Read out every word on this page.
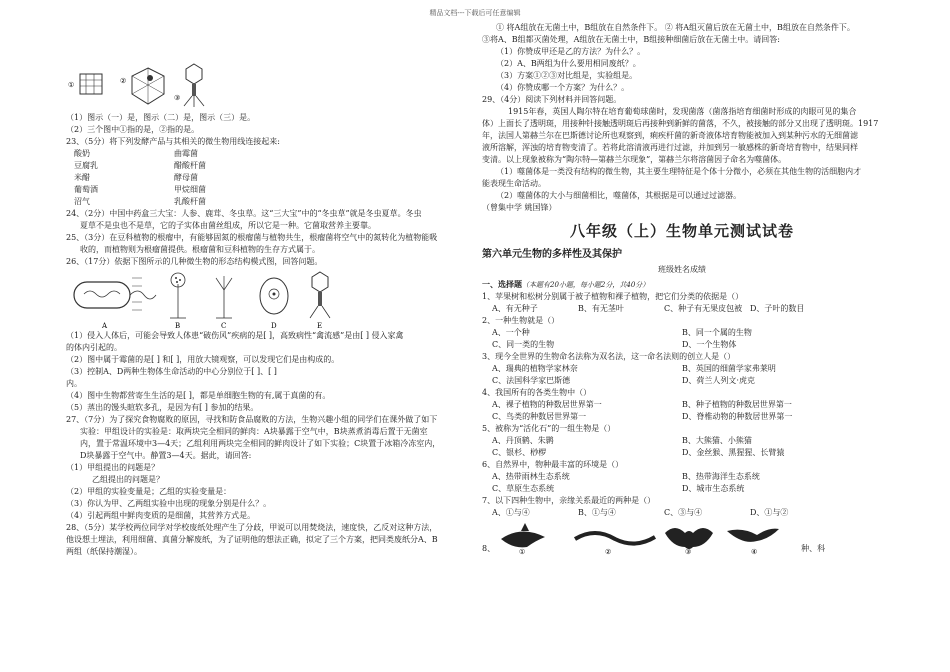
精品文档---下载后可任意编辑
①	②
③
（1）图示（一）是，图示（二）是，图示（三）是。
（2）三个图中①指的是，②指的是。
23、（5分）将下列发酵产品与其相关的微生物用线连接起来:
酸奶	曲霉菌
豆腐乳	醋酸杆菌
米醋	酵母菌
葡萄酒	甲烷细菌
沼气	乳酸杆菌
24、（2分）中国中药盒三大宝：人参、鹿茸、冬虫草。这“三大宝”中的“冬虫草”就是冬虫夏草。冬虫
夏草不是虫也不是草，它的子实体由菌丝组成，所以它是一种。它菌取营养主要靠。
25、（3分）在豆科植物的根瘤中，有能够固氮的根瘤菌与植物共生，根瘤菌将空气中的氮转化为植物能吸
收的，而植物则为根瘤菌提供。根瘤菌和豆科植物的生存方式属于。
26、（17分）依据下图所示的几种微生物的形态结构模式图，回答问题。
A	B	C	D	E
（1）侵入人体后，可能会导致人体患“破伤风”疾病的是[ ]，高致病性“禽流感”是由[ ] 侵入家禽
的体内引起的。
（2）图中属于霉菌的是[ ] 和[ ]，用放大镜观察，可以发现它们是由构成的。
（3）控制A、D两种生物体生命活动的中心分别位于[ ]、[ ]
内。
（4）图中生物都营寄生生活的是[ ]，都是单细胞生物的有,属于真菌的有。
（5）蒸出的馒头暄软多孔，是因为有[ ] 参加的结果。
27、（7分）为了探究食物腐败的原因，寻找和防食品腐败的方法，生物兴趣小组的同学们在课外做了如下
实验：甲组设计的实验是：取两块完全相同的鲜肉：A块暴露于空气中，B块蒸煮消毒后置于无菌室
内，置于常温环境中3—4天；乙组利用两块完全相同的鲜肉设计了如下实验；C块置于冰箱冷冻室内，
D块暴露于空气中。静置3—4天。据此，请回答:
（1）甲组提出的问题是？
乙组提出的问题是？
（2）甲组的实验变量是；乙组的实验变量是：
（3）你认为甲、乙两组实验中出现的现象分别是什么？。
（4）引起两组中鲜肉变质的是细菌，其营养方式是。
28、（5分）某学校两位同学对学校废纸处理产生了分歧，甲说可以用焚烧法，速度快，乙反对这种方法，
他设想土埋法，利用细菌、真菌分解废纸，为了证明他的想法正确，拟定了三个方案，把同类废纸分A、B
两组（纸保持潮湿）。
① 将A组放在无菌土中，B组放在自然条件下。 ② 将A组灭菌后放在无菌土中，B组放在自然条件下。
③将A、B组都灭菌处理，A组放在无菌土中，B组接种细菌后放在无菌土中。请回答:
（1）你赞成甲还是乙的方法？为什么？。
（2）A、B两组为什么要用相同废纸？。
（3）方案①②③对比组是，实验组是。
（4）你赞成哪一个方案？为什么？。
29、（4分）阅读下列材料并回答问题。
1915年春，英国人陶尔特在培育葡萄球菌时，发现菌落（菌落指培育细菌时形成的肉眼可见的集合
体）上面长了透明斑，用接种针接触透明斑后再接种到新鲜的菌落，不久，被接触的部分又出现了透明斑。1917
年，法国人第赫兰尔在巴斯德讨论所也观察到，痢疾杆菌的新奇液体培育物能被加入到某种污水的无细菌滤
液所溶解，浑浊的培育物变清了。若将此溶清液再进行过滤，并加到另一敏感株的新奇培育物中，结果同样
变清。以上现象被称为“陶尔特—第赫兰尔现象”，第赫兰尔将溶菌因子命名为噬菌体。
（1）噬菌体是一类没有结构的微生物，其主要生理特征是个体十分微小，必须在其他生物的活细胞内才
能表现生命活动。
（2）噬菌体的大小与细菌相比，噬菌体，其根据是可以通过过滤器。
（曾集中学 姚国锋）
八年级（上）生物单元测试试卷
第六单元生物的多样性及其保护
班级姓名成绩
一、选择题（本题有20小题，每小题2分，共40分）
1、苹果树和松树分别属于被子植物和裸子植物，把它们分类的依据是（）
A、有无种子	B、有无茎叶	C、种子有无果皮包被 D、子叶的数目
2、一种生物就是（）
A、一个种	B、同一个属的生物
C、同一类的生物	D、一个生物体
3、现今全世界的生物命名法称为双名法，这一命名法则的创立人是（）
A、瑞典的植物学家林奈	B、英国的细菌学家弗莱明
C、法国科学家巴斯德	D、荷兰人列文·虎克
4、我国所有的各类生物中（）
A、裸子植物的种数居世界第一	B、种子植物的种数居世界第一
C、鸟类的种数居世界第一	D、脊椎动物的种数居世界第一
5、被称为“活化石”的一组生物是（）
A、丹顶鹤、朱鹮	B、大熊猫、小熊猫
C、银杉、桫椤	D、金丝猴、黑猩猩、长臂猿
6、自然界中，物种最丰富的环境是（）
A、热带雨林生态系统	B、热带海洋生态系统
C、草原生态系统	D、城市生态系统
7、以下四种生物中，亲缘关系最近的两种是（）
A、①与④	B、①与④	C、③与④	D、①与②
8、	①	②	③	④	种、科
